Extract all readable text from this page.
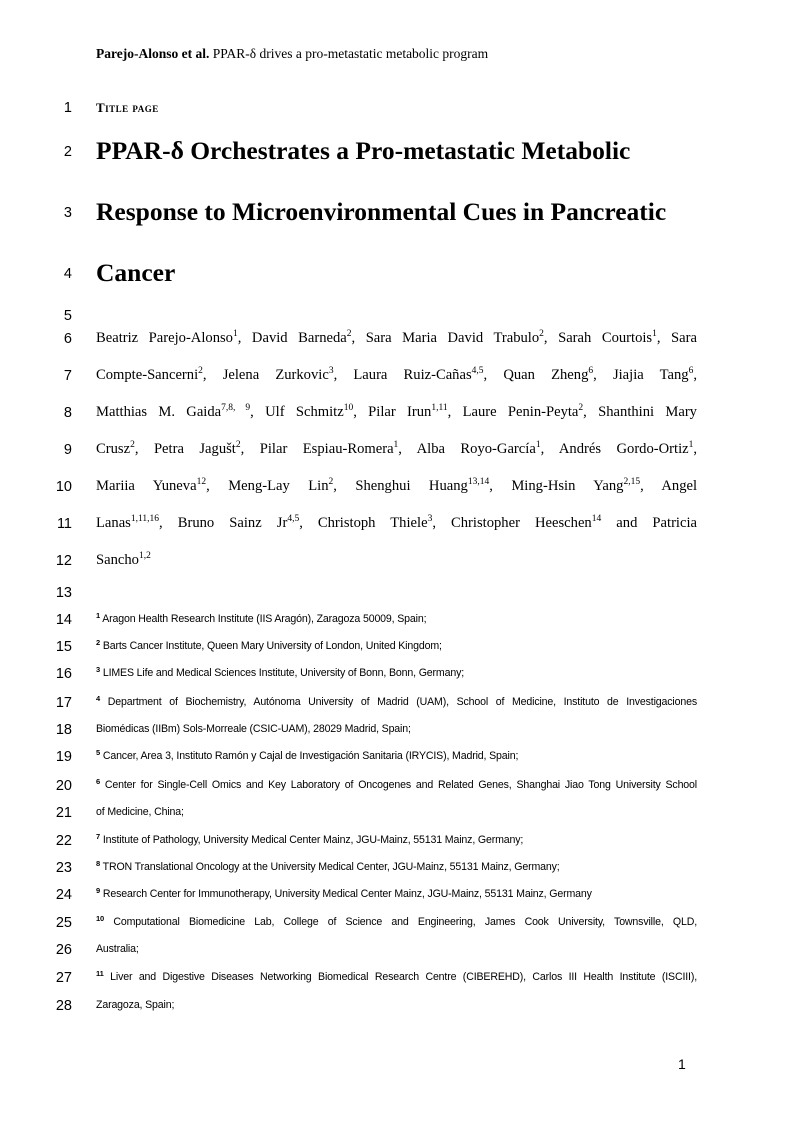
Parejo-Alonso et al. PPAR-δ drives a pro-metastatic metabolic program
1
2
3
4
5
6
7
8
9
10
11
12
13
14
15
16
17
18
19
20
21
22
23
24
25
26
27
28
Title page
PPAR-δ Orchestrates a Pro-metastatic Metabolic
Response to Microenvironmental Cues in Pancreatic
Cancer
Beatriz Parejo-Alonso$^1$, David Barneda$^2$, Sara Maria David Trabulo$^2$, Sarah Courtois$^1$, Sara
Compte-Sancerni$^2$, Jelena Zurkovic$^3$, Laura Ruiz-Cañas$^{4,5}$, Quan Zheng$^6$, Jiajia Tang$^6$,
Matthias M. Gaida$^{7,8, 9}$, Ulf Schmitz$^{10}$, Pilar Irun$^{1,11}$, Laure Penin-Peyta$^2$, Shanthini Mary
Crusz$^2$, Petra Jagušt$^2$, Pilar Espiau-Romera$^1$, Alba Royo-García$^1$, Andrés Gordo-Ortiz$^1$,
Mariia Yuneva$^{12}$, Meng-Lay Lin$^2$, Shenghui Huang$^{13,14}$, Ming-Hsin Yang$^{2,15}$, Angel
Lanas$^{1,11,16}$, Bruno Sainz Jr$^{4,5}$, Christoph Thiele$^3$, Christopher Heeschen$^{14}$ and Patricia
Sancho$^{1,2}$
$^1$ Aragon Health Research Institute (IIS Aragón), Zaragoza 50009, Spain;
$^2$ Barts Cancer Institute, Queen Mary University of London, United Kingdom;
$^3$ LIMES Life and Medical Sciences Institute, University of Bonn, Bonn, Germany;
$^4$ Department of Biochemistry, Autónoma University of Madrid (UAM), School of Medicine, Instituto de Investigaciones
Biomédicas (IIBm) Sols-Morreale (CSIC-UAM), 28029 Madrid, Spain;
$^5$ Cancer, Area 3, Instituto Ramón y Cajal de Investigación Sanitaria (IRYCIS), Madrid, Spain;
$^6$ Center for Single-Cell Omics and Key Laboratory of Oncogenes and Related Genes, Shanghai Jiao Tong University School
of Medicine, China;
$^7$ Institute of Pathology, University Medical Center Mainz, JGU-Mainz, 55131 Mainz, Germany;
$^8$ TRON Translational Oncology at the University Medical Center, JGU-Mainz, 55131 Mainz, Germany;
$^9$ Research Center for Immunotherapy, University Medical Center Mainz, JGU-Mainz, 55131 Mainz, Germany
$^{10}$ Computational Biomedicine Lab, College of Science and Engineering, James Cook University, Townsville, QLD,
Australia;
$^{11}$ Liver and Digestive Diseases Networking Biomedical Research Centre (CIBEREHD), Carlos III Health Institute (ISCIII),
Zaragoza, Spain;
1
